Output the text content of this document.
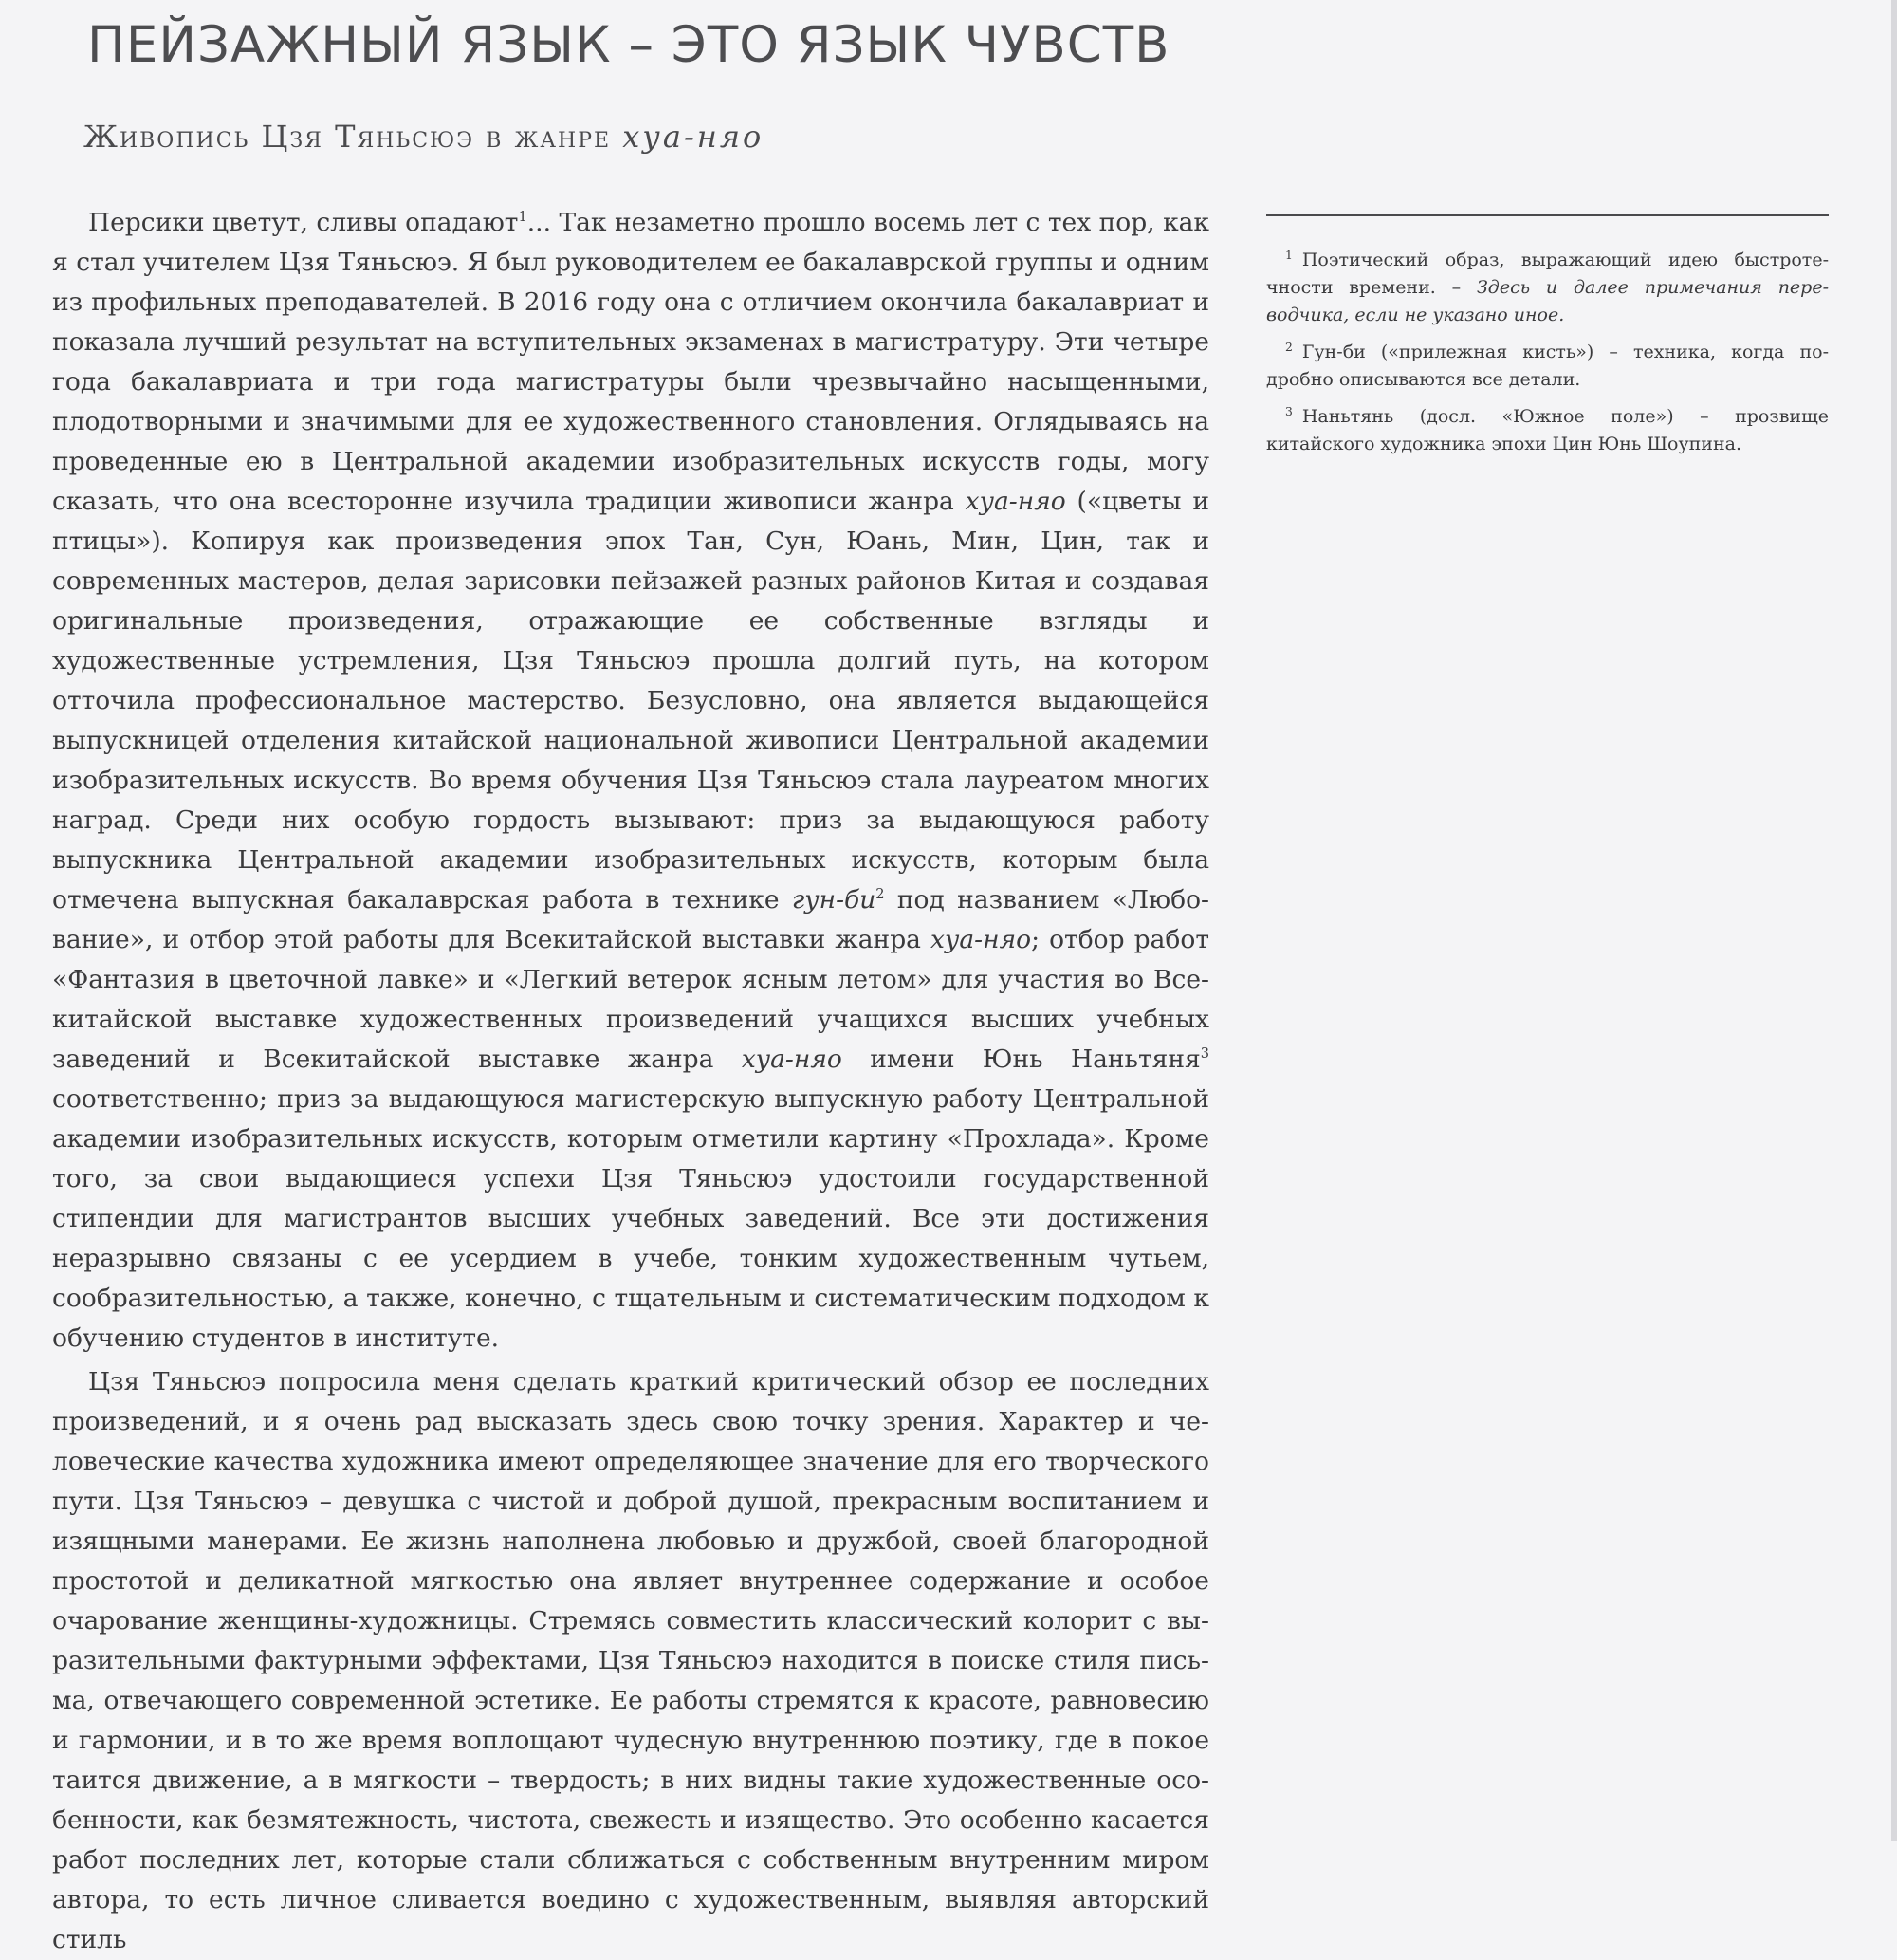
ПЕЙЗАЖНЫЙ ЯЗЫК – ЭТО ЯЗЫК ЧУВСТВ
Живопись Цзя Тяньсюэ в жанре хуа-няо

Персики цветут, сливы опадают$^1$... Так незаметно прошло восемь лет с тех пор, как я стал учителем Цзя Тяньсюэ. Я был руководителем ее бакалаврской группы и одним из профильных преподавателей. В 2016 году она с отличием окончила бакалавриат и показала лучший результат на вступительных экзаменах в магистратуру. Эти четыре года бакалавриата и три года магистратуры были чрезвычайно насыщенными, плодотворными и значимыми для ее художественного становления. Оглядываясь на проведенные ею в Центральной академии изобразительных искусств годы, могу сказать, что она всесторонне изучила традиции живописи жанра хуа-няо («цветы и птицы»). Копируя как произведения эпох Тан, Сун, Юань, Мин, Цин, так и современных мастеров, делая зарисовки пейзажей разных районов Китая и создавая оригинальные произведения, отражающие ее собственные взгляды и художественные устремления, Цзя Тяньсюэ прошла долгий путь, на котором отточила профессиональное мастерство. Безусловно, она является выдающейся выпускницей отделения китайской национальной живописи Центральной академии изобразительных искусств. Во время обучения Цзя Тяньсюэ стала лауреатом многих наград. Среди них особую гордость вызывают: приз за выдающуюся работу выпускника Центральной академии изобразительных искусств, которым была отмечена выпускная бакалаврская работа в технике гун-$би^2$ под названием «Любование», и отбор этой работы для Всекитайской выставки жанра хуа-няо; отбор работ «Фантазия в цветочной лавке» и «Легкий ветерок ясным летом» для участия во Всекитайской выставке художественных произведений учащихся высших учебных заведений и Всекитайской выставке жанра хуа-няо имени Юнь Наньтяня$^3$ соответственно; приз за выдающуюся магистерскую выпускную работу Центральной академии изобразительных искусств, которым отметили картину «Прохлада». Кроме того, за свои выдающиеся успехи Цзя Тяньсюэ удостоили государственной стипендии для магистрантов высших учебных заведений. Все эти достижения неразрывно связаны с ее усердием в учебе, тонким художественным чутьем, сообразительностью, а также, конечно, с тщательным и систематическим подходом к обучению студентов в институте.

Цзя Тяньсюэ попросила меня сделать краткий критический обзор ее последних произведений, и я очень рад высказать здесь свою точку зрения. Характер и человеческие качества художника имеют определяющее значение для его творческого пути. Цзя Тяньсюэ – девушка с чистой и доброй душой, прекрасным воспитанием и изящными манерами. Ее жизнь наполнена любовью и дружбой, своей благородной простотой и деликатной мягкостью она являет внутреннее содержание и особое очарование женщины-художницы. Стремясь совместить классический колорит с выразительными фактурными эффектами, Цзя Тяньсюэ находится в поиске стиля письма, отвечающего современной эстетике. Ее работы стремятся к красоте, равновесию и гармонии, и в то же время воплощают чудесную внутреннюю поэтику, где в покое таится движение, а в мягкости – твердость; в них видны такие художественные особенности, как безмятежность, чистота, свежесть и изящество. Это особенно касается работ последних лет, которые стали сближаться с собственным внутренним миром автора, то есть личное сливается воедино с художественным, выявляя авторский стиль

$^1$ Поэтический образ, выражающий идею быстротечности времени. – Здесь и далее примечания переводчика, если не указано иное.

$^2$ Гун-би («прилежная кисть») – техника, когда подробно описываются все детали.

$^3$ Наньтянь (досл. «Южное поле») – прозвище китайского художника эпохи Цин Юнь Шоупина.
